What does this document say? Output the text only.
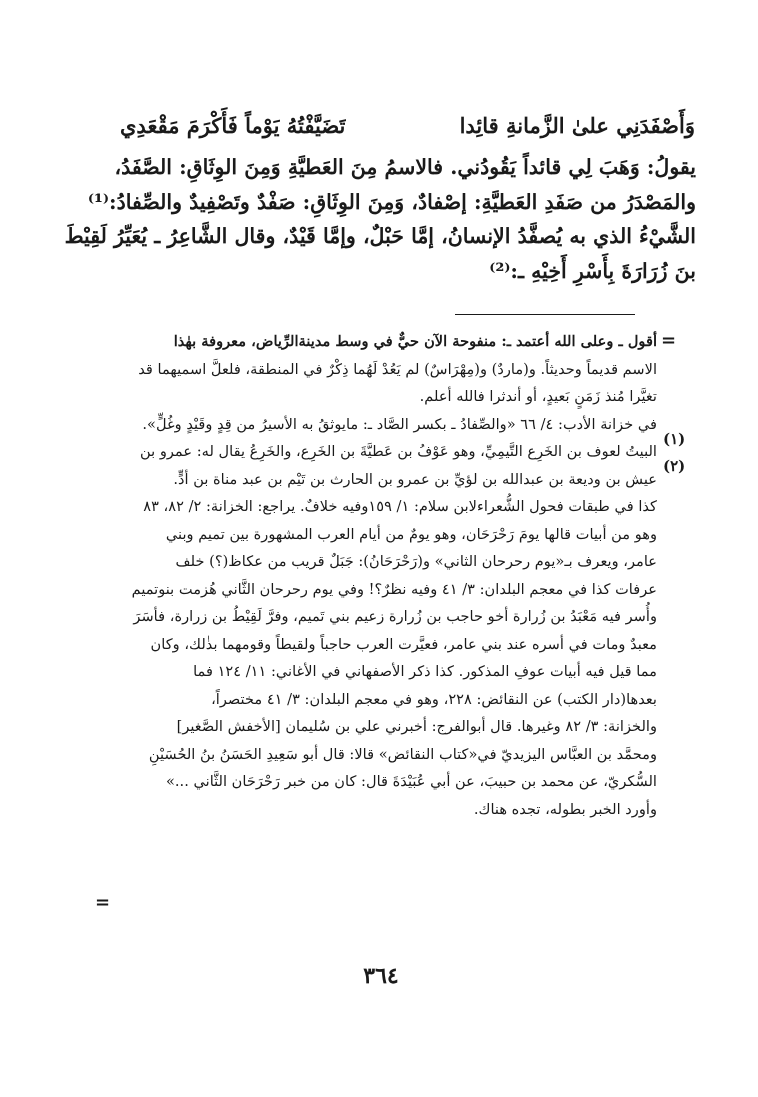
وَأَصْفَدَنِي علىٰ الزَّمانةِ قائِدا
تَضَيَّفْتُهُ يَوْماً فَأَكْرَمَ مَقْعَدِي

يقولُ: وَهَبَ لِي قائداً يَقُودُني. فالاسمُ مِنَ العَطيَّةِ وَمِنَ الوِثَاقِ: الصَّفَدُ،

والمَصْدَرُ من صَفَدِ العَطيَّةِ: إصْفادٌ، وَمِنَ الوِثَاقِ: صَفْدٌ وتَصْفِيدٌ والصِّفادُ:⁽¹⁾

الشَّيْءُ الذي به يُصفَّدُ الإنسانُ، إمَّا حَبْلٌ، وإمَّا قَيْدٌ، وقال الشَّاعِرُ ـ يُعَيِّرُ لَقِيْطَ

بنَ زُرَارَةَ بِأَسْرِ أَخِيْهِ ـ:⁽²⁾

=

أقول ـ وعلى الله أعتمد ـ: منفوحة الآن حيٌّ في وسط مدينةالرِّياض، معروفة بهٰذا

الاسم قديماً وحديثاً. و(ماردٌ) و(مِهْرَاسٌ) لم يَعُدْ لَهُما ذِكْرٌ في المنطقة، فلعلَّ اسميهما قد

تغيَّرا مُنذ زَمَنٍ بَعيدٍ، أو أندثرا فالله أعلم.

في خزانة الأدب: ٤/ ٦٦ «والصِّفادُ ـ بكسر الصَّاد ـ: مايوثقُ به الأسيرُ من قِدٍ وقَيْدٍ وغُلٍّ».

البيتُ لعوف بن الخَرِع التَّيمِيِّ، وهو عَوْفُ بن عَطيَّةَ بن الخَرِع، والخَرِعُ يقال له: عمرو بن

عيش بن وديعة بن عبدالله بن لؤيِّ بن عمرو بن الحارث بن تَيْم بن عبد مناة بن أدٍّ.

كذا في طبقات فحول الشُّعراءلابن سلام: ١/ ١٥٩وفيه خلافٌ. يراجع: الخزانة: ٢/ ٨٢، ٨٣

وهو من أبيات قالها يومَ رَحْرَحَان، وهو يومٌ من أيام العرب المشهورة بين تميم وبني

عامر، ويعرف بـ«يوم رحرحان الثاني» و(رَحْرَحَانُ): جَبَلٌ قريب من عكاظ(؟) خلف

عرفات كذا في معجم البلدان: ٣/ ٤١ وفيه نظرٌ؟! وفي يوم رحرحان الثَّاني هُزمت بنوتميم

وأُسر فيه مَعْبَدُ بن زُرارة أخو حاجب بن زُرارة زعيم بني تَميم، وفرَّ لَقِيْطُ بن زرارة، فأسَرَ

معبدٌ ومات في أسره عند بني عامر، فعيَّرت العرب حاجباً ولقيطاً وقومهما بذٰلك، وكان

مما قيل فيه أبيات عوفِ المذكور. كذا ذكر الأصفهاني في الأغاني: ١١/ ١٢٤ فما

بعدها(دار الكتب) عن النقائض: ٢٢٨، وهو في معجم البلدان: ٣/ ٤١ مختصراً،

والخزانة: ٣/ ٨٢ وغيرها. قال أبوالفرج: أخبرني علي بن سُليمان [الأخفش الصَّغير]

ومحمَّد بن العبَّاس اليزيديّ في«كتاب النقائض» قالا: قال أبو سَعِيدِ الحَسَنُ بنُ الحُسَيْنِ

السُّكريّ، عن محمد بن حبيبَ، عن أبي عُبَيْدَةَ قال: كان من خبر رَحْرَحَان الثَّاني ...»

وأورد الخبر بطوله، تجده هناك.

(١)
(٢)
=
٣٦٤
